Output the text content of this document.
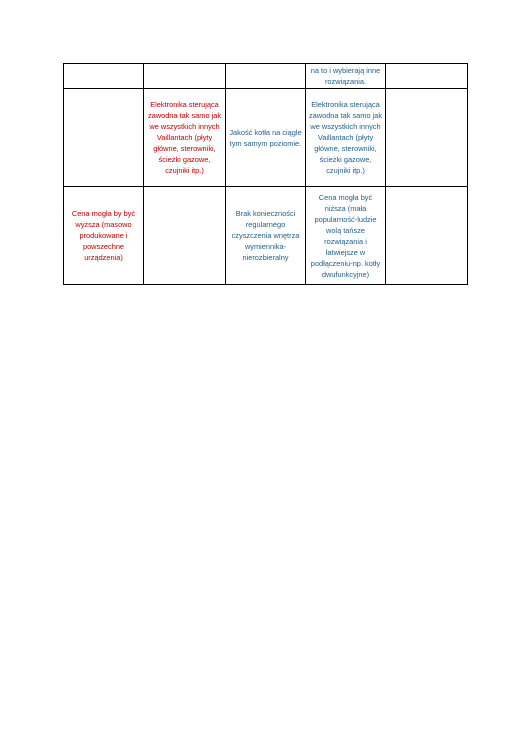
			na to i wybierają inne rozwiązania.	

	Elektronika sterująca zawodna tak samo jak we wszystkich innych Vaillantach (płyty główne, sterowniki, ścieżki gazowe, czujniki itp.)	Jakość kotła na ciągle tym samym poziomie.	Elektronika sterująca zawodna tak samo jak we wszystkich innych Vaillantach (płyty główne, sterowniki, ścieżki gazowe, czujniki itp.)	

Cena mogła by być wyższa (masowo produkowane i powszechne urządzenia)		Brak konieczności regularnego czyszczenia wnętrza wymiennika-nierozbieralny	Cena mogła być niższa (mała popularność-ludzie wolą tańsze rozwiązania i łatwiejsze w podłączeniu-np. kotły dwufunkcyjne)	
